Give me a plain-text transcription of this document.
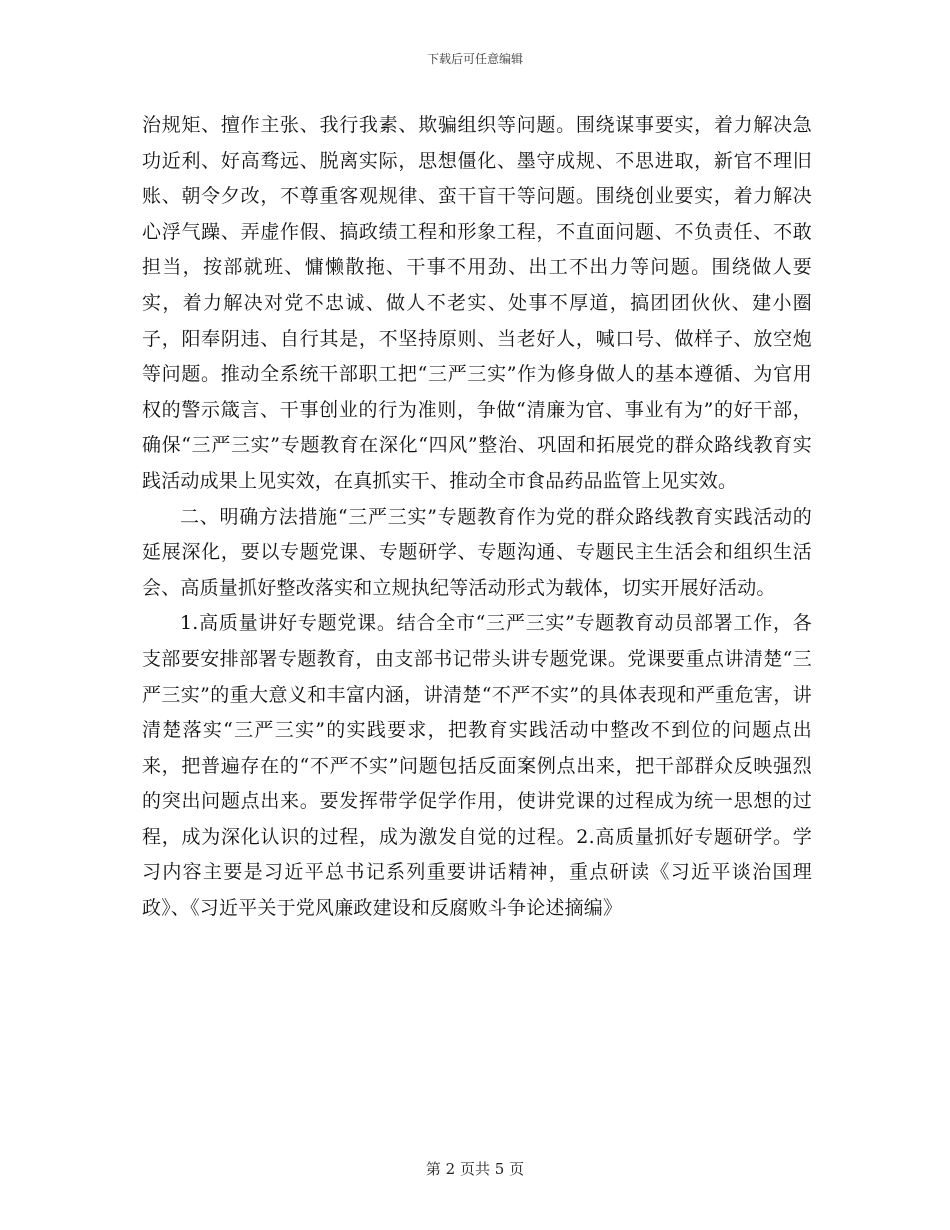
下载后可任意编辑

治规矩、擅作主张、我行我素、欺骗组织等问题。围绕谋事要实，着力解决急功近利、好高骛远、脱离实际，思想僵化、墨守成规、不思进取，新官不理旧账、朝令夕改，不尊重客观规律、蛮干盲干等问题。围绕创业要实，着力解决心浮气躁、弄虚作假、搞政绩工程和形象工程，不直面问题、不负责任、不敢担当，按部就班、慵懒散拖、干事不用劲、出工不出力等问题。围绕做人要实，着力解决对党不忠诚、做人不老实、处事不厚道，搞团团伙伙、建小圈子，阳奉阴违、自行其是，不坚持原则、当老好人，喊口号、做样子、放空炮等问题。推动全系统干部职工把“三严三实”作为修身做人的基本遵循、为官用权的警示箴言、干事创业的行为准则，争做“清廉为官、事业有为”的好干部，确保“三严三实”专题教育在深化“四风”整治、巩固和拓展党的群众路线教育实践活动成果上见实效，在真抓实干、推动全市食品药品监管上见实效。

二、明确方法措施“三严三实”专题教育作为党的群众路线教育实践活动的延展深化，要以专题党课、专题研学、专题沟通、专题民主生活会和组织生活会、高质量抓好整改落实和立规执纪等活动形式为载体，切实开展好活动。

1.高质量讲好专题党课。结合全市“三严三实”专题教育动员部署工作，各支部要安排部署专题教育，由支部书记带头讲专题党课。党课要重点讲清楚“三严三实”的重大意义和丰富内涵，讲清楚“不严不实”的具体表现和严重危害，讲清楚落实“三严三实”的实践要求，把教育实践活动中整改不到位的问题点出来，把普遍存在的“不严不实”问题包括反面案例点出来，把干部群众反映强烈的突出问题点出来。要发挥带学促学作用，使讲党课的过程成为统一思想的过程，成为深化认识的过程，成为激发自觉的过程。2.高质量抓好专题研学。学习内容主要是习近平总书记系列重要讲话精神，重点研读《习近平谈治国理政》、《习近平关于党风廉政建设和反腐败斗争论述摘编》

第 2 页共 5 页
